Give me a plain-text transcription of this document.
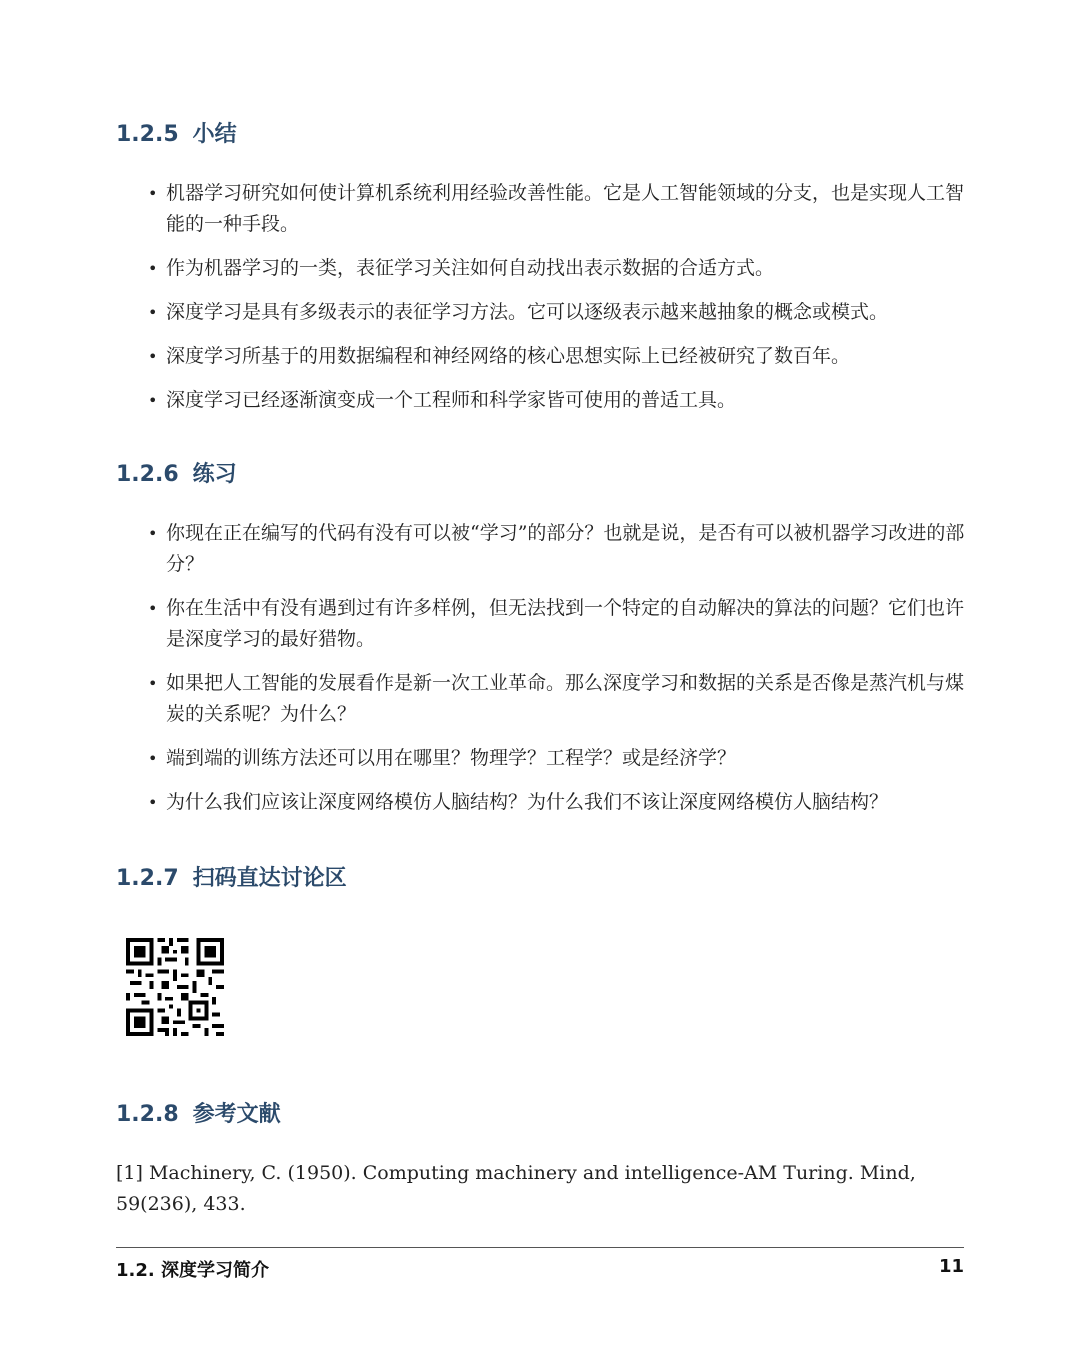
1.2.5 小结
• 机器学习研究如何使计算机系统利用经验改善性能。它是人工智能领域的分支，也是实现人工智能的一种手段。
• 作为机器学习的一类，表征学习关注如何自动找出表示数据的合适方式。
• 深度学习是具有多级表示的表征学习方法。它可以逐级表示越来越抽象的概念或模式。
• 深度学习所基于的用数据编程和神经网络的核心思想实际上已经被研究了数百年。
• 深度学习已经逐渐演变成一个工程师和科学家皆可使用的普适工具。
1.2.6 练习
• 你现在正在编写的代码有没有可以被“学习”的部分？也就是说，是否有可以被机器学习改进的部分？
• 你在生活中有没有遇到过有许多样例，但无法找到一个特定的自动解决的算法的问题？它们也许是深度学习的最好猎物。
• 如果把人工智能的发展看作是新一次工业革命。那么深度学习和数据的关系是否像是蒸汽机与煤炭的关系呢？为什么？
• 端到端的训练方法还可以用在哪里？物理学？工程学？或是经济学？
• 为什么我们应该让深度网络模仿人脑结构？为什么我们不该让深度网络模仿人脑结构？
1.2.7 扫码直达讨论区
1.2.8 参考文献
[1] Machinery, C. (1950). Computing machinery and intelligence-AM Turing. Mind, 59(236), 433.
1.2. 深度学习简介	11
